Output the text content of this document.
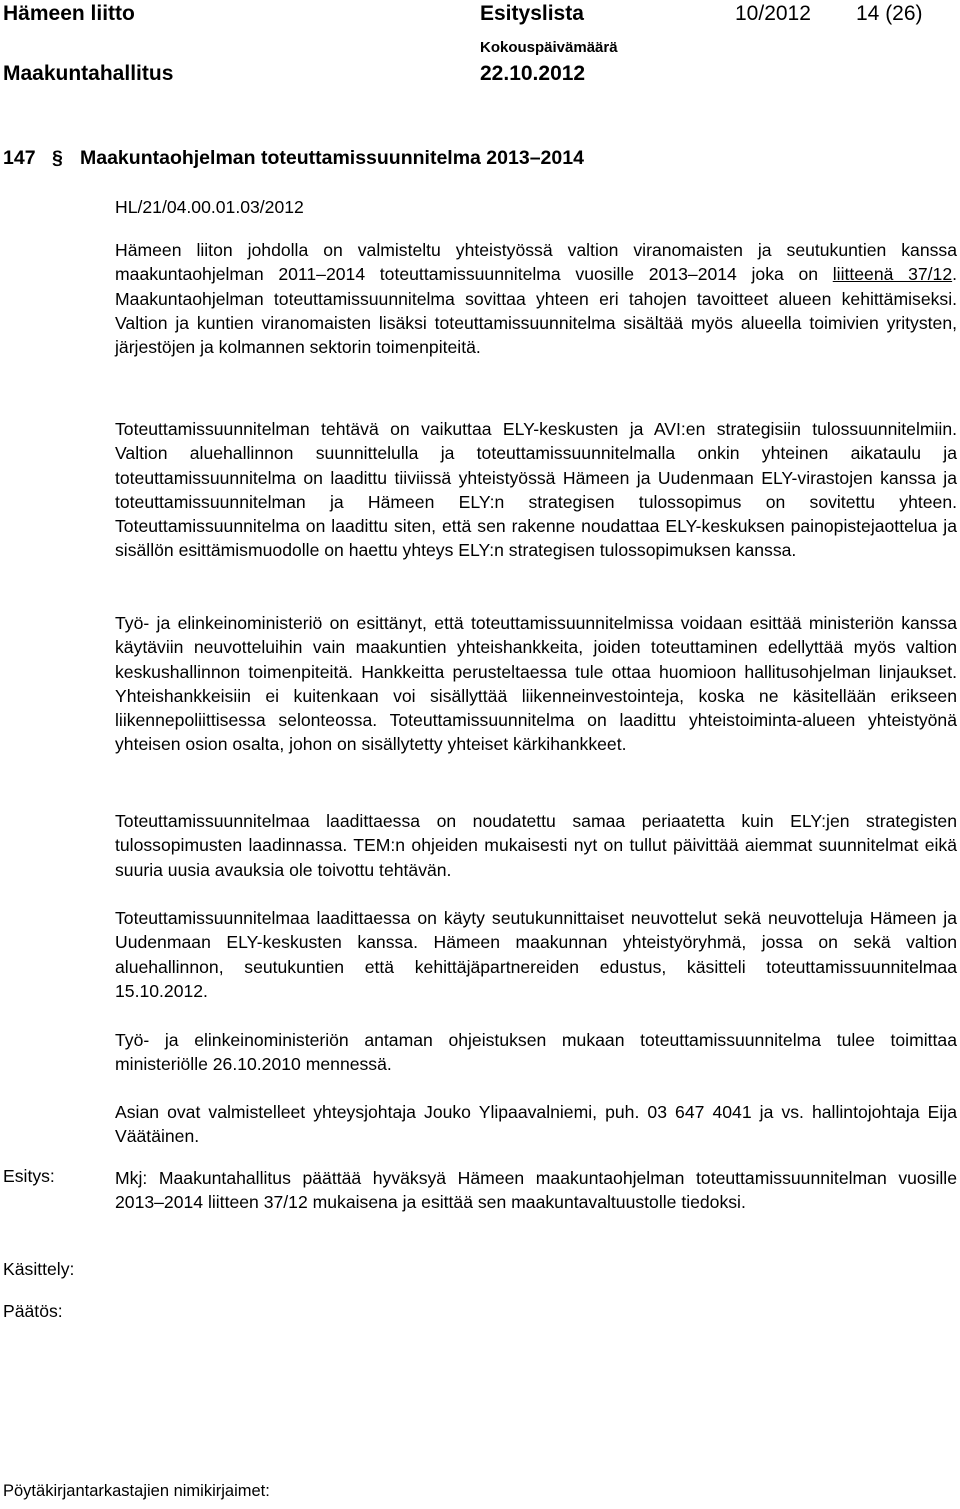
Hämeen liitto	Esityslista	10/2012 14 (26)
Kokouspäivämäärä
Maakuntahallitus	22.10.2012
147 § Maakuntaohjelman toteuttamissuunnitelma 2013–2014
HL/21/04.00.01.03/2012

Hämeen liiton johdolla on valmisteltu yhteistyössä valtion viranomaisten ja seutukuntien kanssa maakuntaohjelman 2011–2014 toteuttamissuunnitelma vuosille 2013–2014 joka on liitteenä 37/12. Maakuntaohjelman toteuttamissuunnitelma sovittaa yhteen eri tahojen tavoitteet alueen kehittämiseksi. Valtion ja kuntien viranomaisten lisäksi toteuttamissuunnitelma sisältää myös alueella toimivien yritysten, järjestöjen ja kolmannen sektorin toimenpiteitä.

Toteuttamissuunnitelman tehtävä on vaikuttaa ELY-keskusten ja AVI:en strategisiin tulossuunnitelmiin. Valtion aluehallinnon suunnittelulla ja toteuttamissuunnitelmalla onkin yhteinen aikataulu ja toteuttamissuunnitelma on laadittu tiiviissä yhteistyössä Hämeen ja Uudenmaan ELY-virastojen kanssa ja toteuttamissuunnitelman ja Hämeen ELY:n strategisen tulossopimus on sovitettu yhteen. Toteuttamissuunnitelma on laadittu siten, että sen rakenne noudattaa ELY-keskuksen painopistejaottelua ja sisällön esittämismuodolle on haettu yhteys ELY:n strategisen tulossopimuksen kanssa.

Työ- ja elinkeinoministeriö on esittänyt, että toteuttamissuunnitelmissa voidaan esittää ministeriön kanssa käytäviin neuvotteluihin vain maakuntien yhteishankkeita, joiden toteuttaminen edellyttää myös valtion keskushallinnon toimenpiteitä. Hankkeitta perusteltaessa tule ottaa huomioon hallitusohjelman linjaukset. Yhteishankkeisiin ei kuitenkaan voi sisällyttää liikenneinvestointeja, koska ne käsitellään erikseen liikennepoliittisessa selonteossa. Toteuttamissuunnitelma on laadittu yhteistoiminta-alueen yhteistyönä yhteisen osion osalta, johon on sisällytetty yhteiset kärkihankkeet.

Toteuttamissuunnitelmaa laadittaessa on noudatettu samaa periaatetta kuin ELY:jen strategisten tulossopimusten laadinnassa. TEM:n ohjeiden mukaisesti nyt on tullut päivittää aiemmat suunnitelmat eikä suuria uusia avauksia ole toivottu tehtävän.

Toteuttamissuunnitelmaa laadittaessa on käyty seutukunnittaiset neuvottelut sekä neuvotteluja Hämeen ja Uudenmaan ELY-keskusten kanssa. Hämeen maakunnan yhteistyöryhmä, jossa on sekä valtion aluehallinnon, seutukuntien että kehittäjäpartnereiden edustus, käsitteli toteuttamissuunnitelmaa 15.10.2012.

Työ- ja elinkeinoministeriön antaman ohjeistuksen mukaan toteuttamissuunnitelma tulee toimittaa ministeriölle 26.10.2010 mennessä.

Asian ovat valmistelleet yhteysjohtaja Jouko Ylipaavalniemi, puh. 03 647 4041 ja vs. hallintojohtaja Eija Väätäinen.

Esitys:	Mkj: Maakuntahallitus päättää hyväksyä Hämeen maakuntaohjelman toteuttamissuunnitelman vuosille 2013–2014 liitteen 37/12 mukaisena ja esittää sen maakuntavaltuustolle tiedoksi.

Käsittely:
Päätös:
Pöytäkirjantarkastajien nimikirjaimet:
